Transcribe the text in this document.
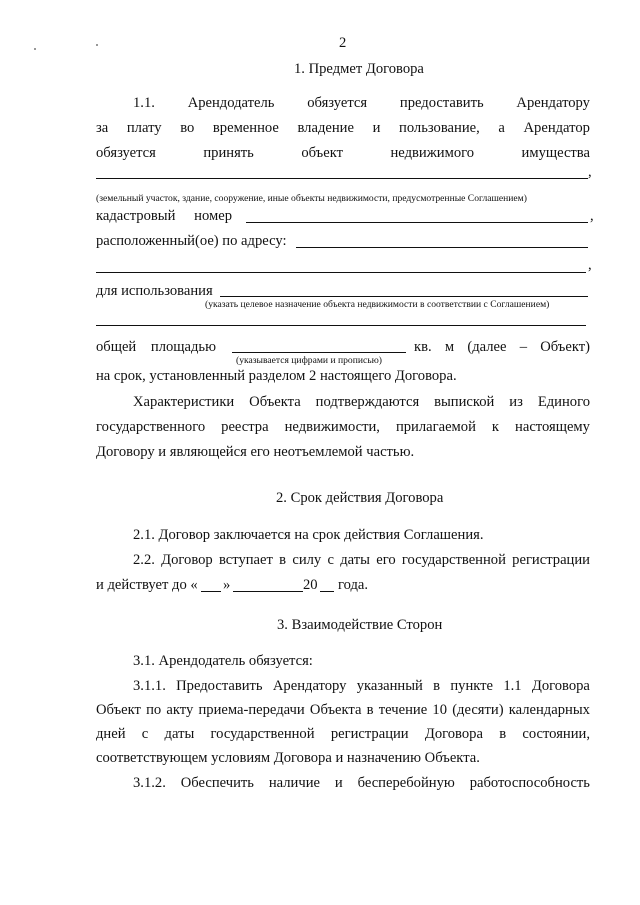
2
1. Предмет Договора
1.1. Арендодатель обязуется предоставить Арендатору
за плату во временное владение и пользование, а Арендатор
обязуется	принять	объект	недвижимого	имущества
,
(земельный участок, здание, сооружение, иные объекты недвижимости, предусмотренные Соглашением)
кадастровый номер	,
расположенный(ое) по адресу:
,
для использования
(указать целевое назначение объекта недвижимости в соответствии с Соглашением)
общей площадью
(указывается цифрами и прописью)
кв. м (далее – Объект)
на срок, установленный разделом 2 настоящего Договора.
Характеристики Объекта подтверждаются выпиской из Единого
государственного реестра недвижимости, прилагаемой к настоящему
Договору и являющейся его неотъемлемой частью.
2. Срок действия Договора
2.1. Договор заключается на срок действия Соглашения.
2.2. Договор вступает в силу с даты его государственной регистрации
и действует до « »	20 года.
3. Взаимодействие Сторон
3.1. Арендодатель обязуется:
3.1.1. Предоставить Арендатору указанный в пункте 1.1 Договора
Объект по акту приема-передачи Объекта в течение 10 (десяти) календарных
дней с даты государственной регистрации Договора в состоянии,
соответствующем условиям Договора и назначению Объекта.
3.1.2. Обеспечить наличие и бесперебойную работоспособность
